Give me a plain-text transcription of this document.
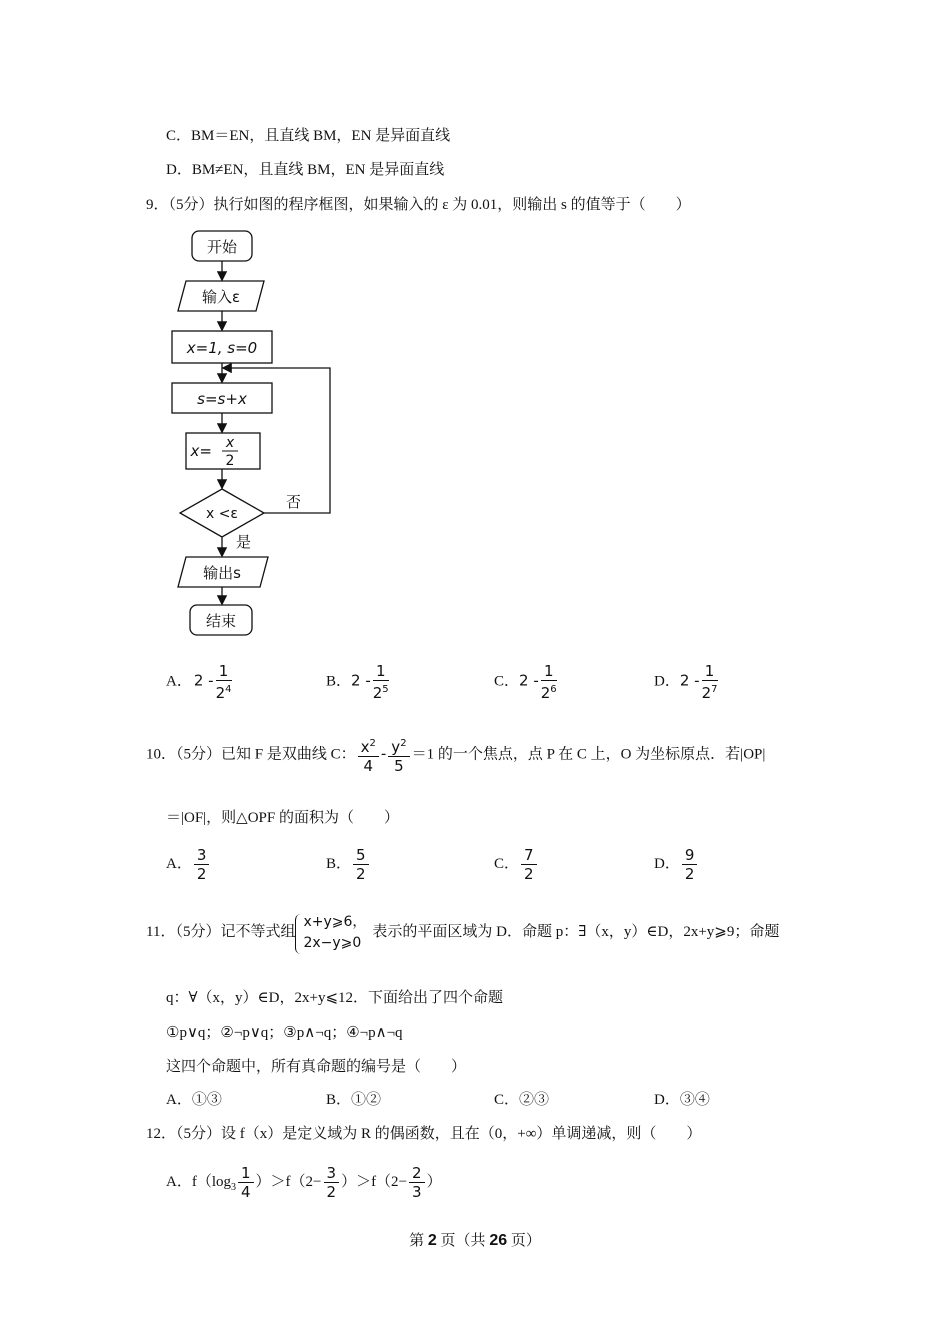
C．BM＝EN，且直线 BM，EN 是异面直线
D．BM≠EN，且直线 BM，EN 是异面直线
9．（5分）执行如图的程序框图，如果输入的 ε 为 0.01，则输出 s 的值等于（　　）
开始
输入ε
x=1, s=0
s=s+x
x= x
2
x <ε
否
是
输出s
结束
A． $2 - \frac{1}{2^4}$	B．$2 - \frac{1}{2^5}$	C．$2 - \frac{1}{2^6}$	D．$2 - \frac{1}{2^7}$
10．（5分）已知 F 是双曲线 C： $\frac{x^2}{4} - \frac{y^2}{5} =1$ 的一个焦点，点 P 在 C 上，O 为坐标原点．若|OP|
＝|OF|，则△OPF 的面积为（　　）
A． $\frac{3}{2}$	B． $\frac{5}{2}$	C． $\frac{7}{2}$	D． $\frac{9}{2}$
11．（5分）记不等式组
x+y⩾6，
2x−y⩾0
表示的平面区域为 D．命题 p：∃（x，y）∈D，2x+y⩾9；命题
q：∀（x，y）∈D，2x+y⩽12．下面给出了四个命题
①p∨q；②¬p∨q；③p∧¬q；④¬p∧¬q
这四个命题中，所有真命题的编号是（　　）
A．①③	B．①②	C．②③	D．③④
12．（5分）设 f（x）是定义域为 R 的偶函数，且在（0，+∞）单调递减，则（　　）
A．$f(\log_3 \frac{1}{4} )>f(2- \frac{3}{2} )>f(2- \frac{2}{3}$ ）
第 2 页（共 26 页）
